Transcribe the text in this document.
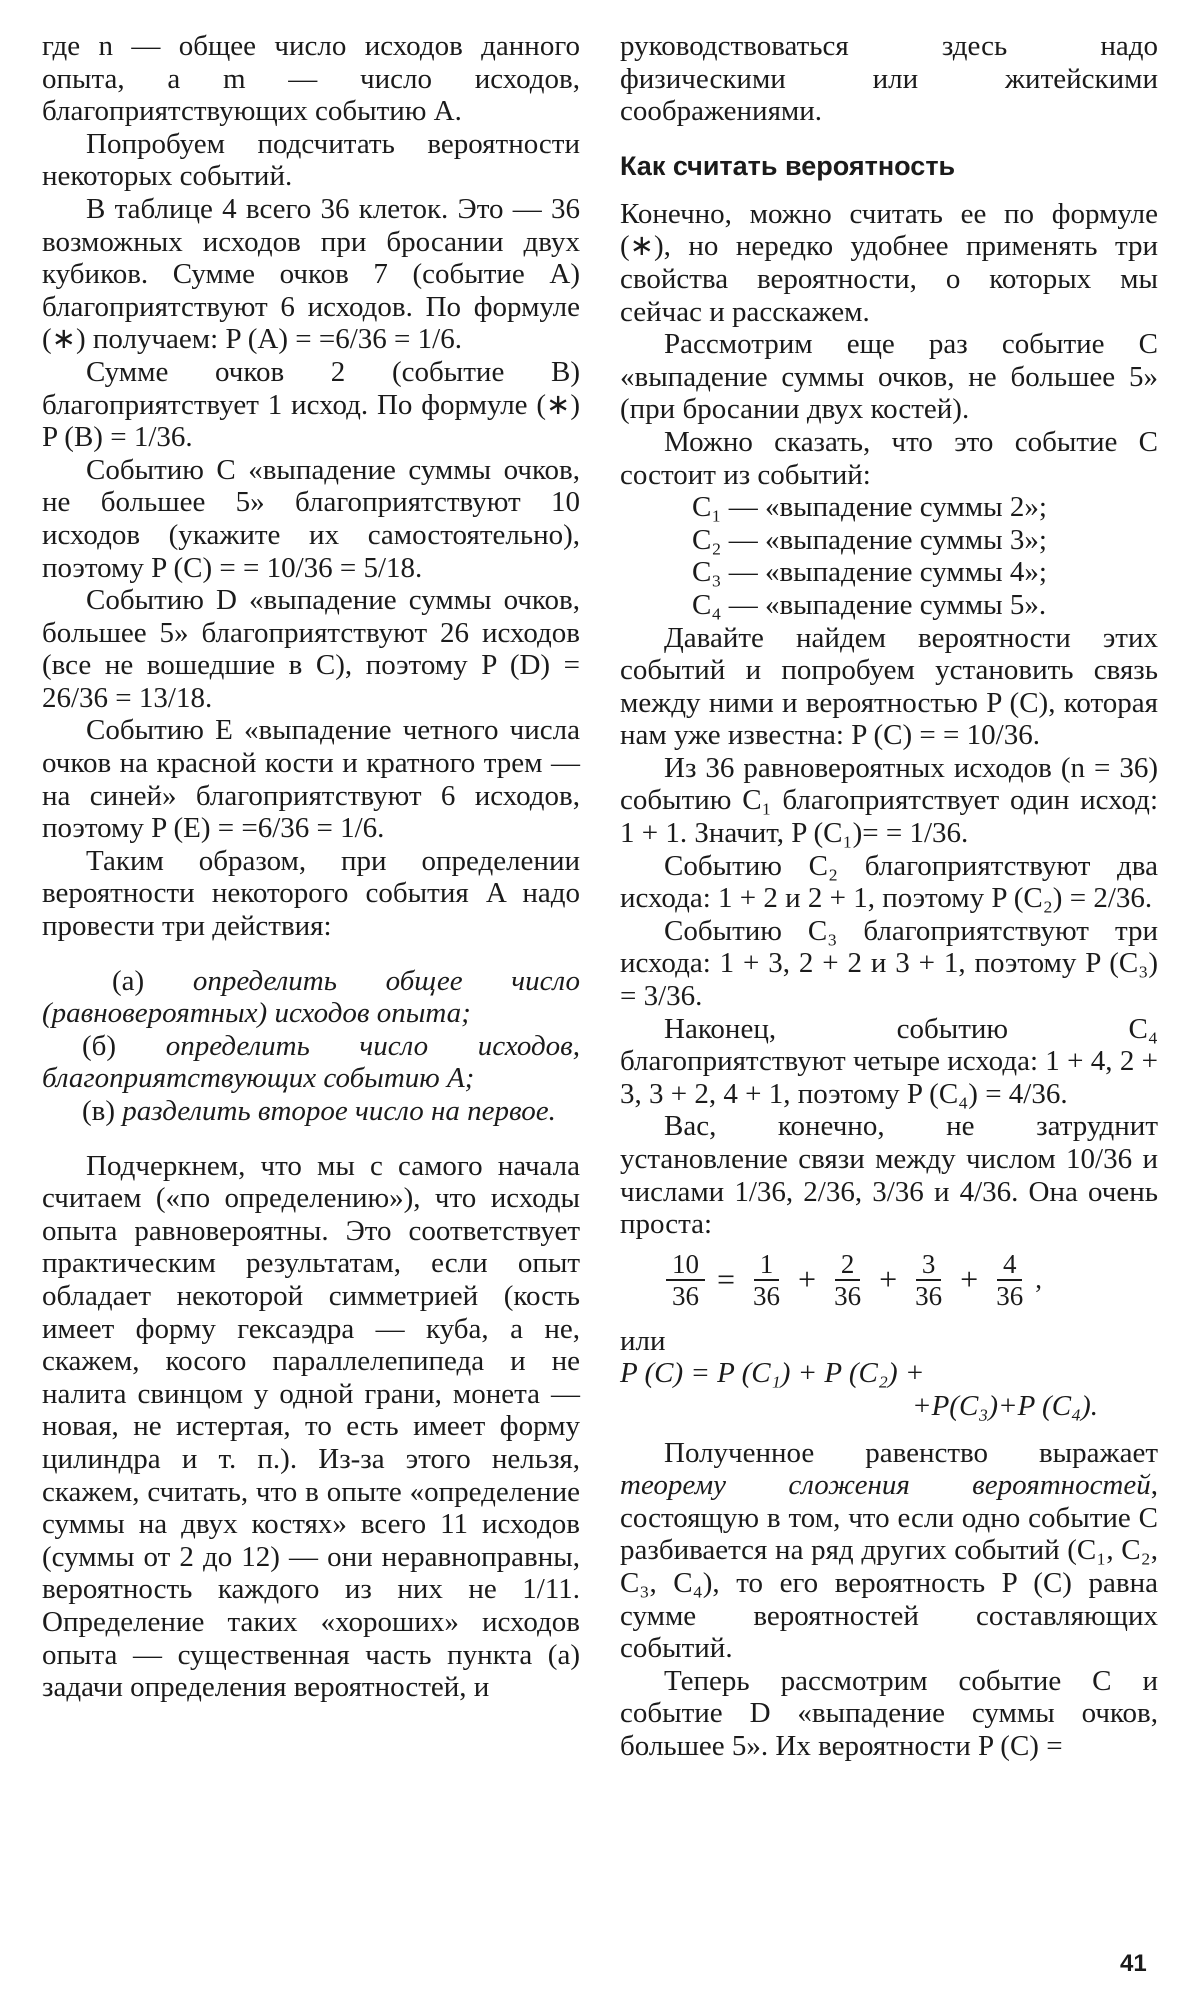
где n — общее число исходов данного опыта, а m — число исходов, благоприятствующих событию A.

Попробуем подсчитать вероятности некоторых событий.

В таблице 4 всего 36 клеток. Это — 36 возможных исходов при бросании двух кубиков. Сумме очков 7 (событие A) благоприятствуют 6 исходов. По формуле (∗) получаем: P (A) = =6/36 = 1/6.

Сумме очков 2 (событие B) благоприятствует 1 исход. По формуле (∗) P (B) = 1/36.

Событию C «выпадение суммы очков, не большее 5» благоприятствуют 10 исходов (укажите их самостоятельно), поэтому P (C) = = 10/36 = 5/18.

Событию D «выпадение суммы очков, большее 5» благоприятствуют 26 исходов (все не вошедшие в C), поэтому P (D) = 26/36 = 13/18.

Событию E «выпадение четного числа очков на красной кости и кратного трем — на синей» благоприятствуют 6 исходов, поэтому P (E) = =6/36 = 1/6.

Таким образом, при определении вероятности некоторого события A надо провести три действия:

(а) определить общее число (равновероятных) исходов опыта;
(б) определить число исходов, благоприятствующих событию A;
(в) разделить второе число на первое.

Подчеркнем, что мы с самого начала считаем («по определению»), что исходы опыта равновероятны. Это соответствует практическим результатам, если опыт обладает некоторой симметрией (кость имеет форму гексаэдра — куба, а не, скажем, косого параллелепипеда и не налита свинцом у одной грани, монета — новая, не истертая, то есть имеет форму цилиндра и т. п.). Из-за этого нельзя, скажем, считать, что в опыте «определение суммы на двух костях» всего 11 исходов (суммы от 2 до 12) — они неравноправны, вероятность каждого из них не 1/11. Определение таких «хороших» исходов опыта — существенная часть пункта (а) задачи определения вероятностей, и

руководствоваться здесь надо физическими или житейскими соображениями.

Как считать вероятность

Конечно, можно считать ее по формуле (∗), но нередко удобнее применять три свойства вероятности, о которых мы сейчас и расскажем.

Рассмотрим еще раз событие C «выпадение суммы очков, не большее 5» (при бросании двух костей).

Можно сказать, что это событие C состоит из событий:

C₁ — «выпадение суммы 2»;
C₂ — «выпадение суммы 3»;
C₃ — «выпадение суммы 4»;
C₄ — «выпадение суммы 5».

Давайте найдем вероятности этих событий и попробуем установить связь между ними и вероятностью P (C), которая нам уже известна: P (C) = = 10/36.

Из 36 равновероятных исходов (n = 36) событию C₁ благоприятствует один исход: 1 + 1. Значит, P (C₁)= = 1/36.

Событию C₂ благоприятствуют два исхода: 1 + 2 и 2 + 1, поэтому P (C₂) = 2/36.

Событию C₃ благоприятствуют три исхода: 1 + 3, 2 + 2 и 3 + 1, поэтому P (C₃) = 3/36.

Наконец, событию C₄ благоприятствуют четыре исхода: 1 + 4, 2 + 3, 3 + 2, 4 + 1, поэтому P (C₄) = 4/36.

Вас, конечно, не затруднит установление связи между числом 10/36 и числами 1/36, 2/36, 3/36 и 4/36. Она очень проста:

$\frac{10}{36} = \frac{1}{36} + \frac{2}{36} + \frac{3}{36} + \frac{4}{36}$ ,

или

P (C) = P (C₁) + P (C₂) +
+P(C₃)+P (C₄).

Полученное равенство выражает теорему сложения вероятностей, состоящую в том, что если одно событие C разбивается на ряд других событий (C₁, C₂, C₃, C₄), то его вероятность P (C) равна сумме вероятностей составляющих событий.

Теперь рассмотрим событие C и событие D «выпадение суммы очков, большее 5». Их вероятности P (C) =

41
